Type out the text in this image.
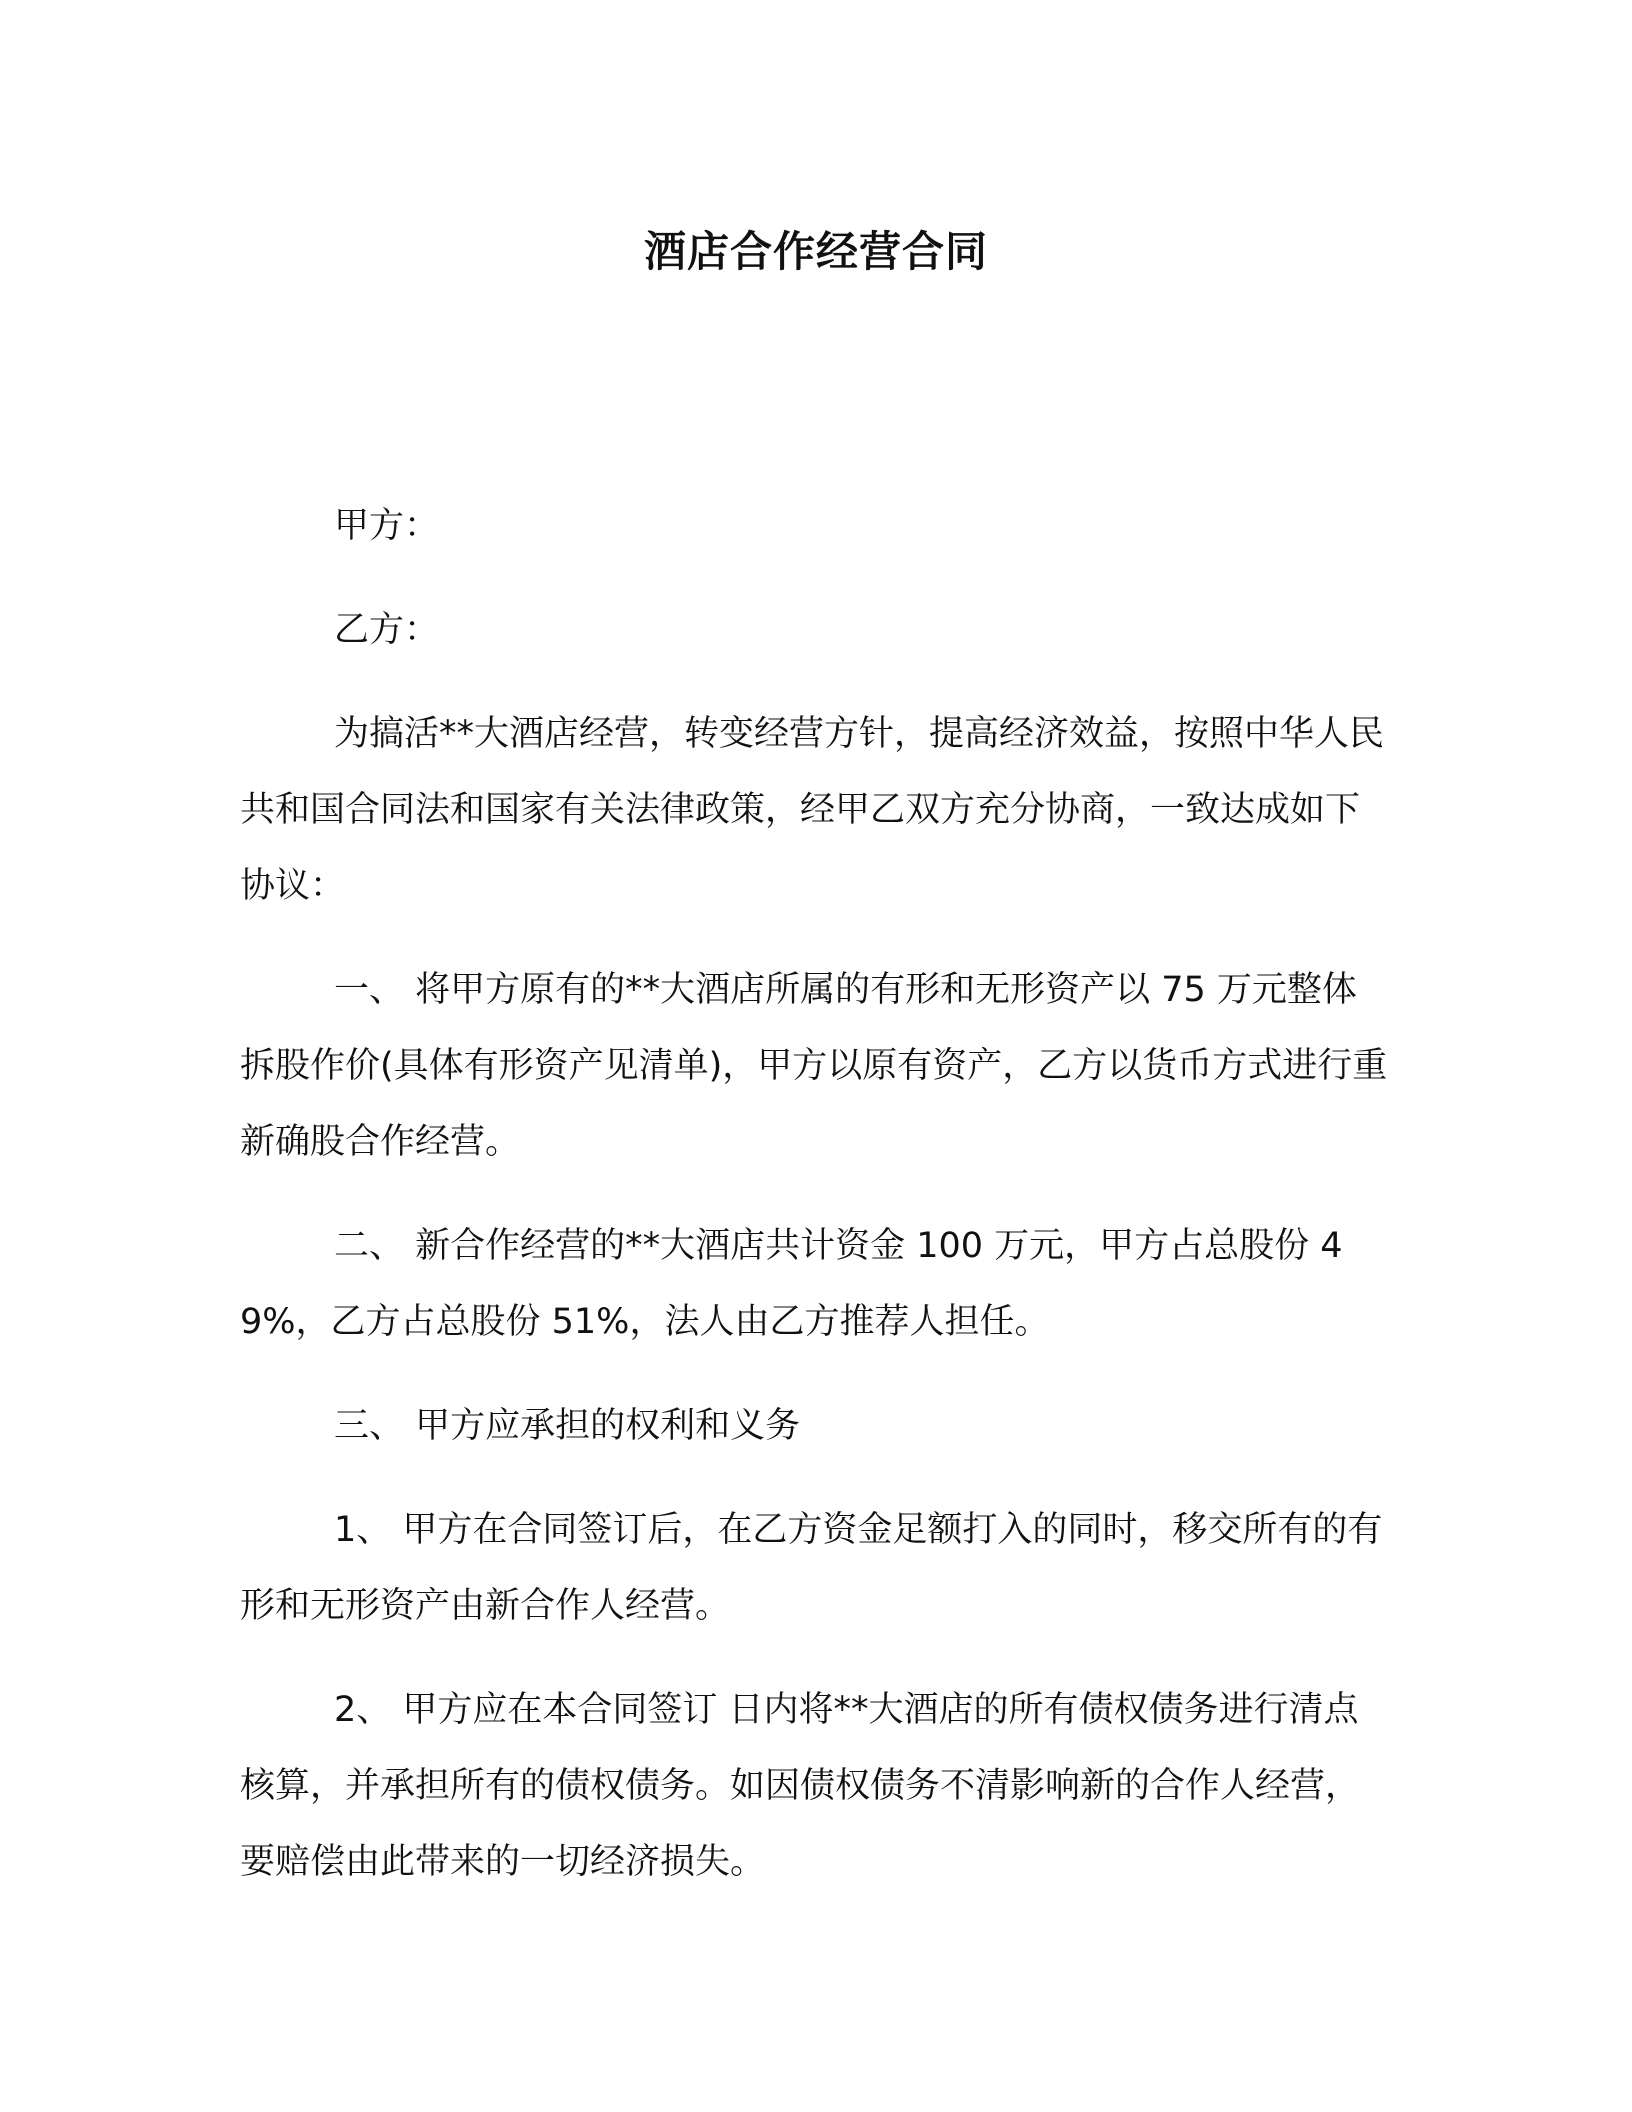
酒店合作经营合同

甲方：

乙方：

为搞活**大酒店经营，转变经营方针，提高经济效益，按照中华人民共和国合同法和国家有关法律政策，经甲乙双方充分协商，一致达成如下协议：

一、 将甲方原有的**大酒店所属的有形和无形资产以 75 万元整体拆股作价(具体有形资产见清单)，甲方以原有资产，乙方以货币方式进行重新确股合作经营。

二、 新合作经营的**大酒店共计资金 100 万元，甲方占总股份 49%，乙方占总股份 51%，法人由乙方推荐人担任。

三、 甲方应承担的权利和义务

1、 甲方在合同签订后，在乙方资金足额打入的同时，移交所有的有形和无形资产由新合作人经营。

2、 甲方应在本合同签订 日内将**大酒店的所有债权债务进行清点核算，并承担所有的债权债务。如因债权债务不清影响新的合作人经营，要赔偿由此带来的一切经济损失。
